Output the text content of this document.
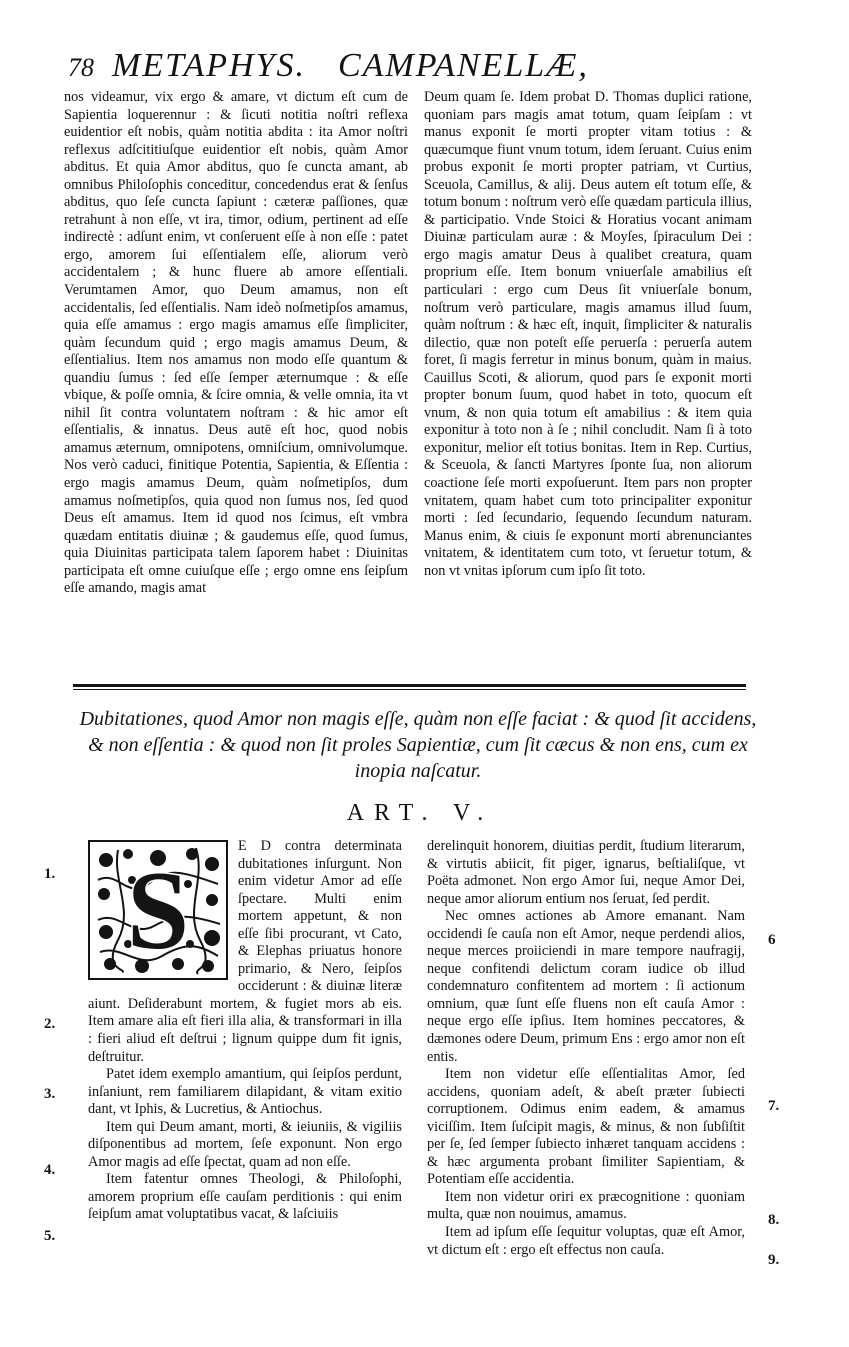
78 METAPHYS. CAMPANELLÆ,

nos videamur, vix ergo & amare, vt dictum eſt cum de Sapientia loquerennur : & ſicuti notitia noſtri reflexa euidentior eſt nobis, quàm notitia abdita : ita Amor noſtri reflexus adſcititiuſque euidentior eſt nobis, quàm Amor abditus. Et quia Amor abditus, quo ſe cuncta amant, ab omnibus Philoſophis conceditur, concedendus erat & ſenſus abditus, quo ſeſe cuncta ſapiunt : cæteræ paſſiones, quæ retrahunt à non eſſe, vt ira, timor, odium, pertinent ad eſſe indirectè : adſunt enim, vt conſeruent eſſe à non eſſe : patet ergo, amorem ſui eſſentialem eſſe, aliorum verò accidentalem ; & hunc fluere ab amore eſſentiali. Verumtamen Amor, quo Deum amamus, non eſt accidentalis, ſed eſſentialis. Nam ideò noſmetipſos amamus, quia eſſe amamus : ergo magis amamus eſſe ſimpliciter, quàm ſecundum quid ; ergo magis amamus Deum, & eſſentialius. Item nos amamus non modo eſſe quantum & quandiu ſumus : ſed eſſe ſemper æternumque : & eſſe vbique, & poſſe omnia, & ſcire omnia, & velle omnia, ita vt nihil ſit contra voluntatem noſtram : & hic amor eſt eſſentialis, & innatus. Deus autē eſt hoc, quod nobis amamus æternum, omnipotens, omniſcium, omnivolumque. Nos verò caduci, finitique Potentia, Sapientia, & Eſſentia : ergo magis amamus Deum, quàm noſmetipſos, dum amamus noſmetipſos, quia quod non ſumus nos, ſed quod Deus eſt amamus. Item id quod nos ſcimus, eſt vmbra quædam entitatis diuinæ ; & gaudemus eſſe, quod ſumus, quia Diuinitas participata talem ſaporem habet : Diuinitas participata eſt omne cuiuſque eſſe ; ergo omne ens ſeipſum eſſe amando, magis amat

Deum quam ſe. Idem probat D. Thomas duplici ratione, quoniam pars magis amat totum, quam ſeipſam : vt manus exponit ſe morti propter vitam totius : & quæcumque fiunt vnum totum, idem ſeruant. Cuius enim probus exponit ſe morti propter patriam, vt Curtius, Sceuola, Camillus, & alij. Deus autem eſt totum eſſe, & totum bonum : noſtrum verò eſſe quædam particula illius, & participatio. Vnde Stoici & Horatius vocant animam Diuinæ particulam auræ : & Moyſes, ſpiraculum Dei : ergo magis amatur Deus à qualibet creatura, quam proprium eſſe. Item bonum vniuerſale amabilius eſt particulari : ergo cum Deus ſit vniuerſale bonum, noſtrum verò particulare, magis amamus illud ſuum, quàm noſtrum : & hæc eſt, inquit, ſimpliciter & naturalis dilectio, quæ non poteſt eſſe peruerſa : peruerſa autem foret, ſi magis ferretur in minus bonum, quàm in maius. Cauillus Scoti, & aliorum, quod pars ſe exponit morti propter bonum ſuum, quod habet in toto, quocum eſt vnum, & non quia totum eſt amabilius : & item quia exponitur à toto non à ſe ; nihil concludit. Nam ſi à toto exponitur, melior eſt totius bonitas. Item in Rep. Curtius, & Sceuola, & ſancti Martyres ſponte ſua, non aliorum coactione ſeſe morti expoſuerunt. Item pars non propter vnitatem, quam habet cum toto principaliter exponitur morti : ſed ſecundario, ſequendo ſecundum naturam. Manus enim, & ciuis ſe exponunt morti abrenunciantes vnitatem, & identitatem cum toto, vt ſeruetur totum, & non vt vnitas ipſorum cum ipſo ſit toto.

Dubitationes, quod Amor non magis eſſe, quàm non eſſe faciat : & quod ſit accidens, & non eſſentia : & quod non ſit proles Sapientiæ, cum ſit cæcus & non ens, cum ex inopia naſcatur.
ART. V.
S

E D contra determinata dubitationes inſurgunt. Non enim videtur Amor ad eſſe ſpectare. Multi enim mortem appetunt, & non eſſe ſibi procurant, vt Cato, & Elephas priuatus honore primario, & Nero, ſeipſos occiderunt : & diuinæ literæ aiunt. Deſiderabunt mortem, & fugiet mors ab eis. Item amare alia eſt fieri illa alia, & transformari in illa : fieri aliud eſt deſtrui ; lignum quippe dum fit ignis, deſtruitur.

Patet idem exemplo amantium, qui ſeipſos perdunt, inſaniunt, rem familiarem dilapidant, & vitam exitio dant, vt Iphis, & Lucretius, & Antiochus.

Item qui Deum amant, morti, & ieiuniis, & vigiliis diſponentibus ad mortem, ſeſe exponunt. Non ergo Amor magis ad eſſe ſpectat, quam ad non eſſe.

Item fatentur omnes Theologi, & Philoſophi, amorem proprium eſſe cauſam perditionis : qui enim ſeipſum amat voluptatibus vacat, & laſciuiis

derelinquit honorem, diuitias perdit, ſtudium literarum, & virtutis abiicit, fit piger, ignarus, beſtialiſque, vt Poëta admonet. Non ergo Amor ſui, neque Amor Dei, neque amor aliorum entium nos ſeruat, ſed perdit.

Nec omnes actiones ab Amore emanant. Nam occidendi ſe cauſa non eſt Amor, neque perdendi alios, neque merces proiiciendi in mare tempore naufragij, neque confitendi delictum coram iudice ob illud condemnaturo confitentem ad mortem : ſi actionum omnium, quæ ſunt eſſe fluens non eſt cauſa Amor : neque ergo eſſe ipſius. Item homines peccatores, & dæmones odere Deum, primum Ens : ergo amor non eſt entis.

Item non videtur eſſe eſſentialitas Amor, ſed accidens, quoniam adeſt, & abeſt præter ſubiecti corruptionem. Odimus enim eadem, & amamus viciſſim. Item ſuſcipit magis, & minus, & non ſubſiſtit per ſe, ſed ſemper ſubiecto inhæret tanquam accidens : & hæc argumenta probant ſimiliter Sapientiam, & Potentiam eſſe accidentia.

Item non videtur oriri ex præcognitione : quoniam multa, quæ non nouimus, amamus.

Item ad ipſum eſſe ſequitur voluptas, quæ eſt Amor, vt dictum eſt : ergo eſt effectus non cauſa.

1.
2.
3.
4.
5.
6
7.
8.
9.
